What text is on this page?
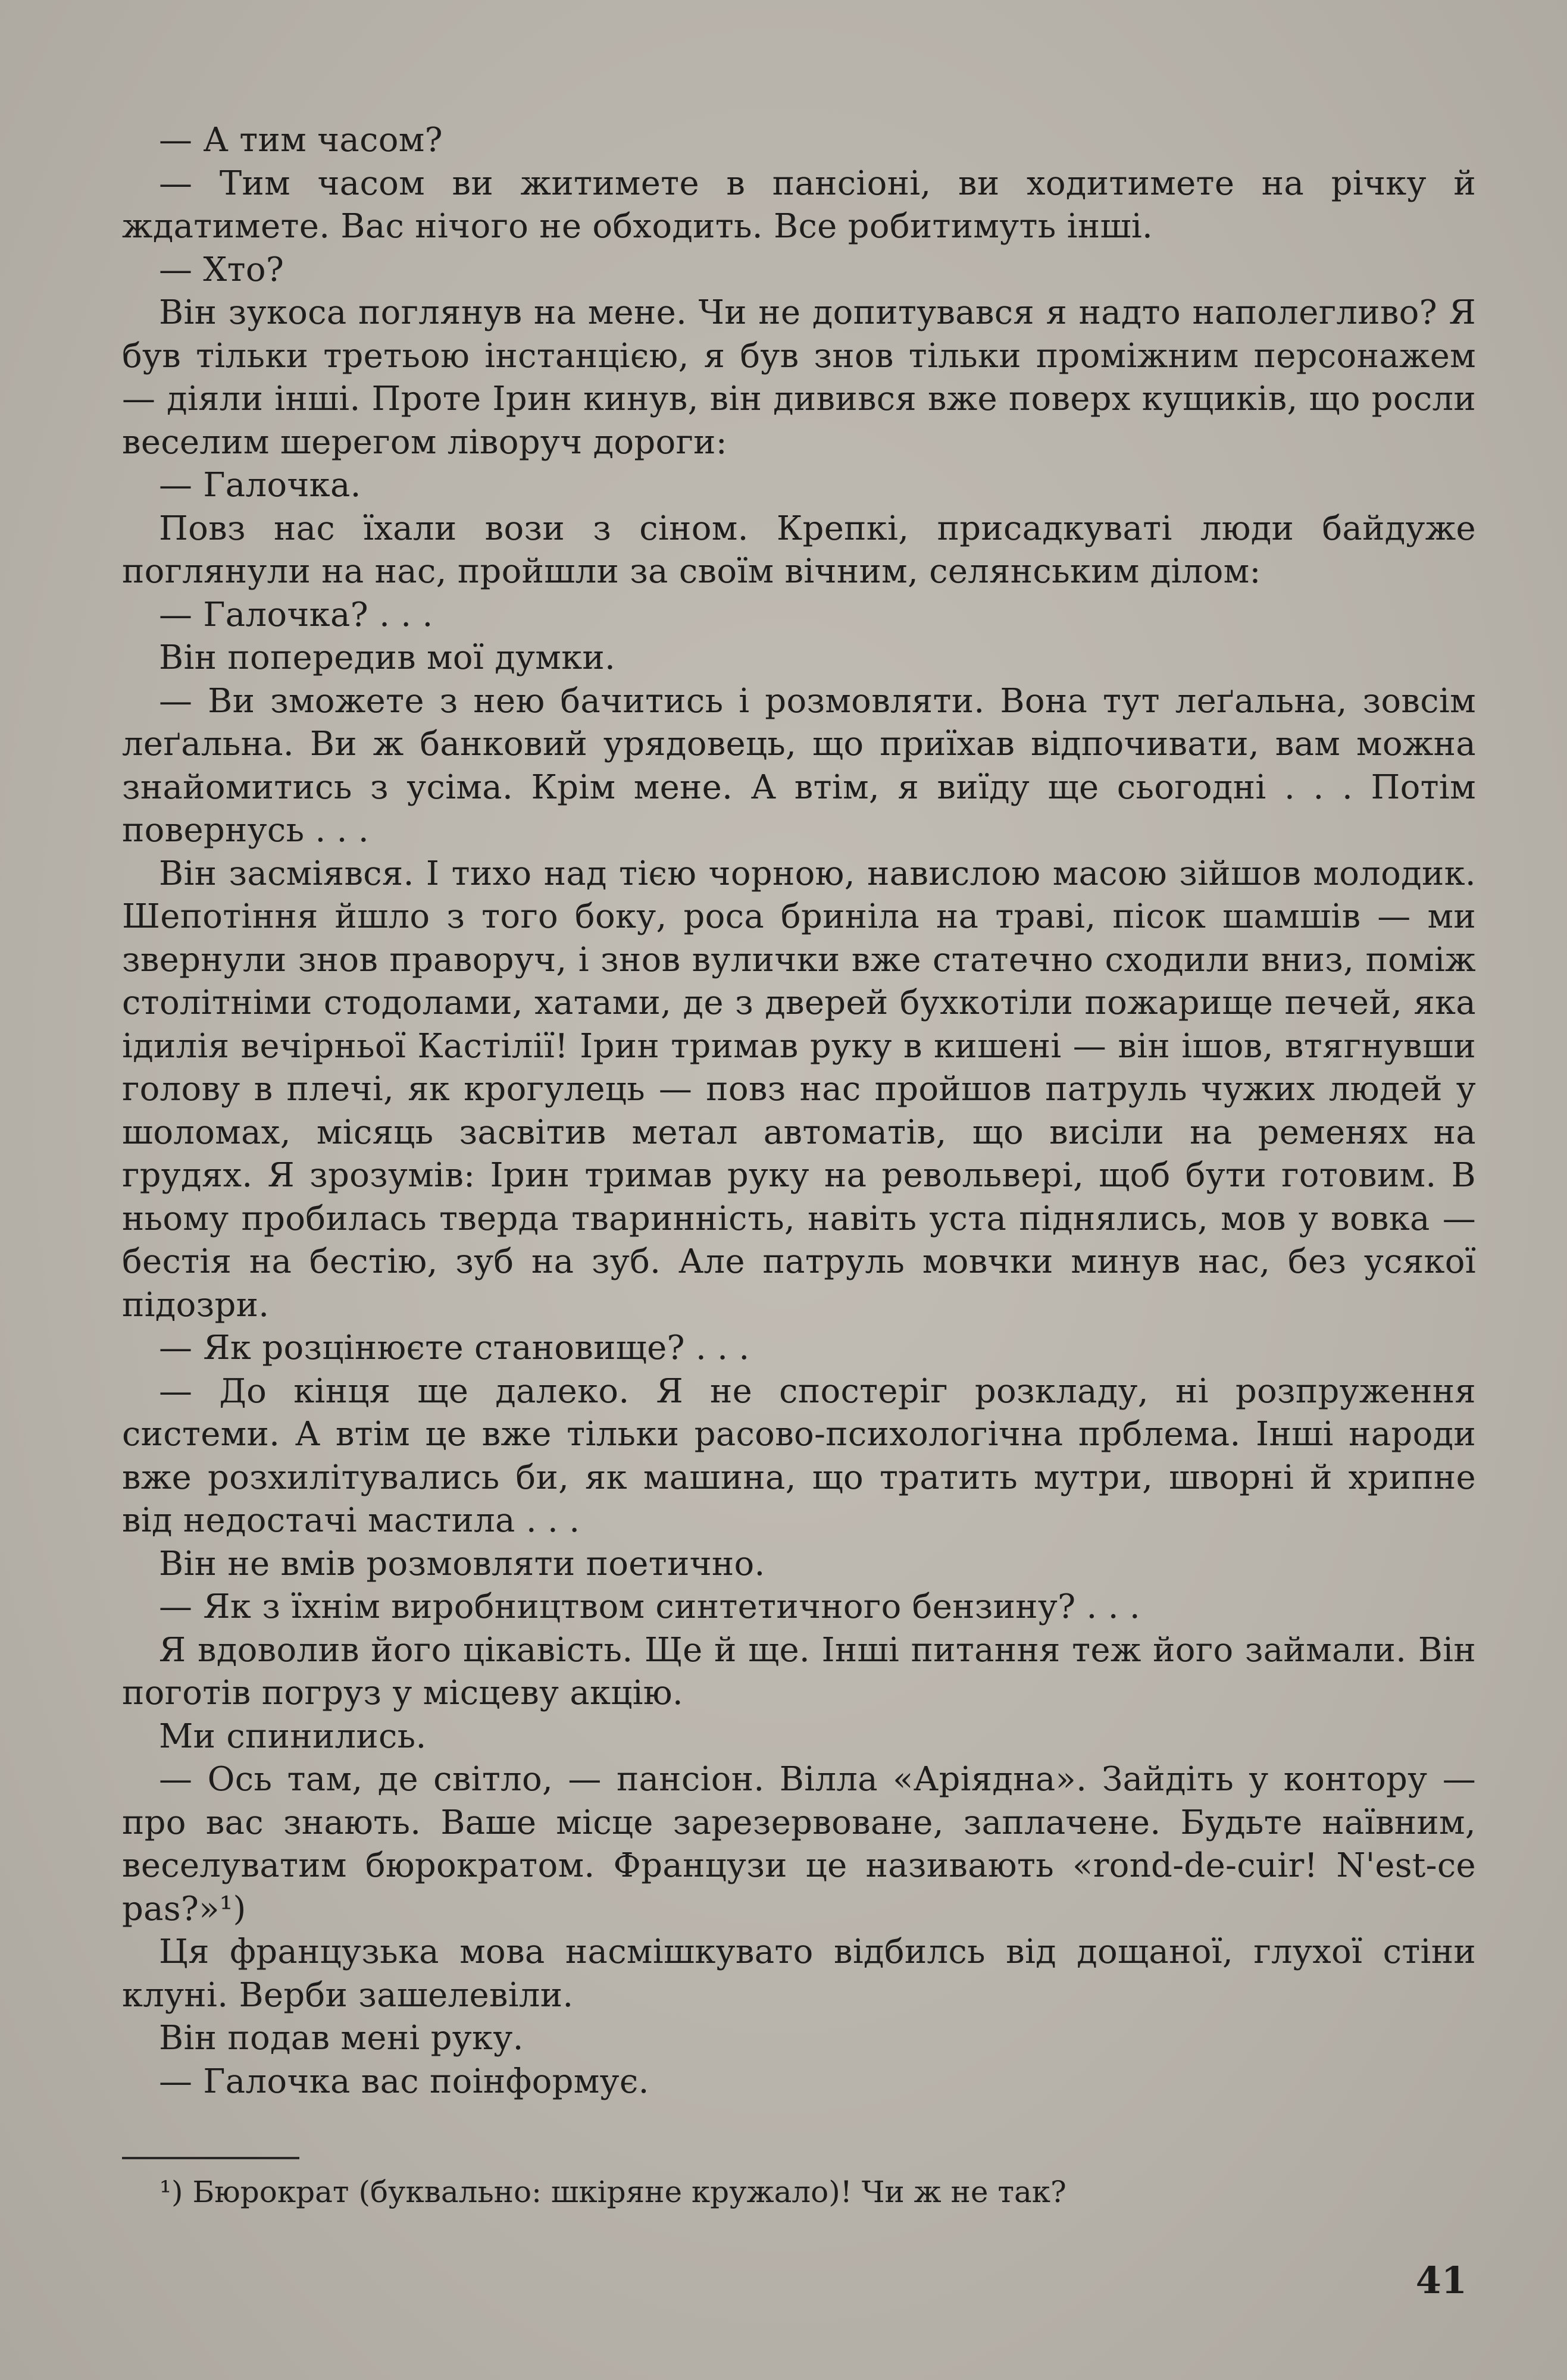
— А тим часом?

— Тим часом ви житимете в пансіоні, ви ходитимете на річку й ждатимете. Вас нічого не обходить. Все робитимуть інші.

— Хто?

Він зукоса поглянув на мене. Чи не допитувався я надто наполегливо? Я був тільки третьою інстанцією, я був знов тільки проміжним персонажем — діяли інші. Проте Ірин кинув, він дивився вже поверх кущиків, що росли веселим шерегом ліворуч дороги:

— Галочка.

Повз нас їхали вози з сіном. Крепкі, присадкуваті люди байдуже поглянули на нас, пройшли за своїм вічним, селянським ділом:

— Галочка? . . .

Він попередив мої думки.

— Ви зможете з нею бачитись і розмовляти. Вона тут леґальна, зовсім леґальна. Ви ж банковий урядовець, що приїхав відпочивати, вам можна знайомитись з усіма. Крім мене. А втім, я виїду ще сьогодні . . . Потім повернусь . . .

Він засміявся. І тихо над тією чорною, навислою масою зійшов молодик. Шепотіння йшло з того боку, роса бриніла на траві, пісок шамшів — ми звернули знов праворуч, і знов вулички вже статечно сходили вниз, поміж столітніми стодолами, хатами, де з дверей бухкотіли пожарище печей, яка ідилія вечірньої Кастілії! Ірин тримав руку в кишені — він ішов, втягнувши голову в плечі, як крогулець — повз нас пройшов патруль чужих людей у шоломах, місяць засвітив метал автоматів, що висіли на ременях на грудях. Я зрозумів: Ірин тримав руку на револьвері, щоб бути готовим. В ньому пробилась тверда тваринність, навіть уста піднялись, мов у вовка — бестія на бестію, зуб на зуб. Але патруль мовчки минув нас, без усякої підозри.

— Як розцінюєте становище? . . .

— До кінця ще далеко. Я не спостеріг розкладу, ні розпруження системи. А втім це вже тільки расово-психологічна прблема. Інші народи вже розхилітувались би, як машина, що тратить мутри, шворні й хрипне від недостачі мастила . . .

Він не вмів розмовляти поетично.

— Як з їхнім виробництвом синтетичного бензину? . . .

Я вдоволив його цікавість. Ще й ще. Інші питання теж його займали. Він поготів погруз у місцеву акцію.

Ми спинились.

— Ось там, де світло, — пансіон. Вілла «Аріядна». Зайдіть у контору — про вас знають. Ваше місце зарезервоване, заплачене. Будьте наївним, веселуватим бюрократом. Французи це називають «rond-de-cuir! N'est-ce pas?»¹)

Ця французька мова насмішкувато відбилсь від дощаної, глухої стіни клуні. Верби зашелевіли.

Він подав мені руку.

— Галочка вас поінформує.

¹) Бюрократ (буквально: шкіряне кружало)! Чи ж не так?
41
